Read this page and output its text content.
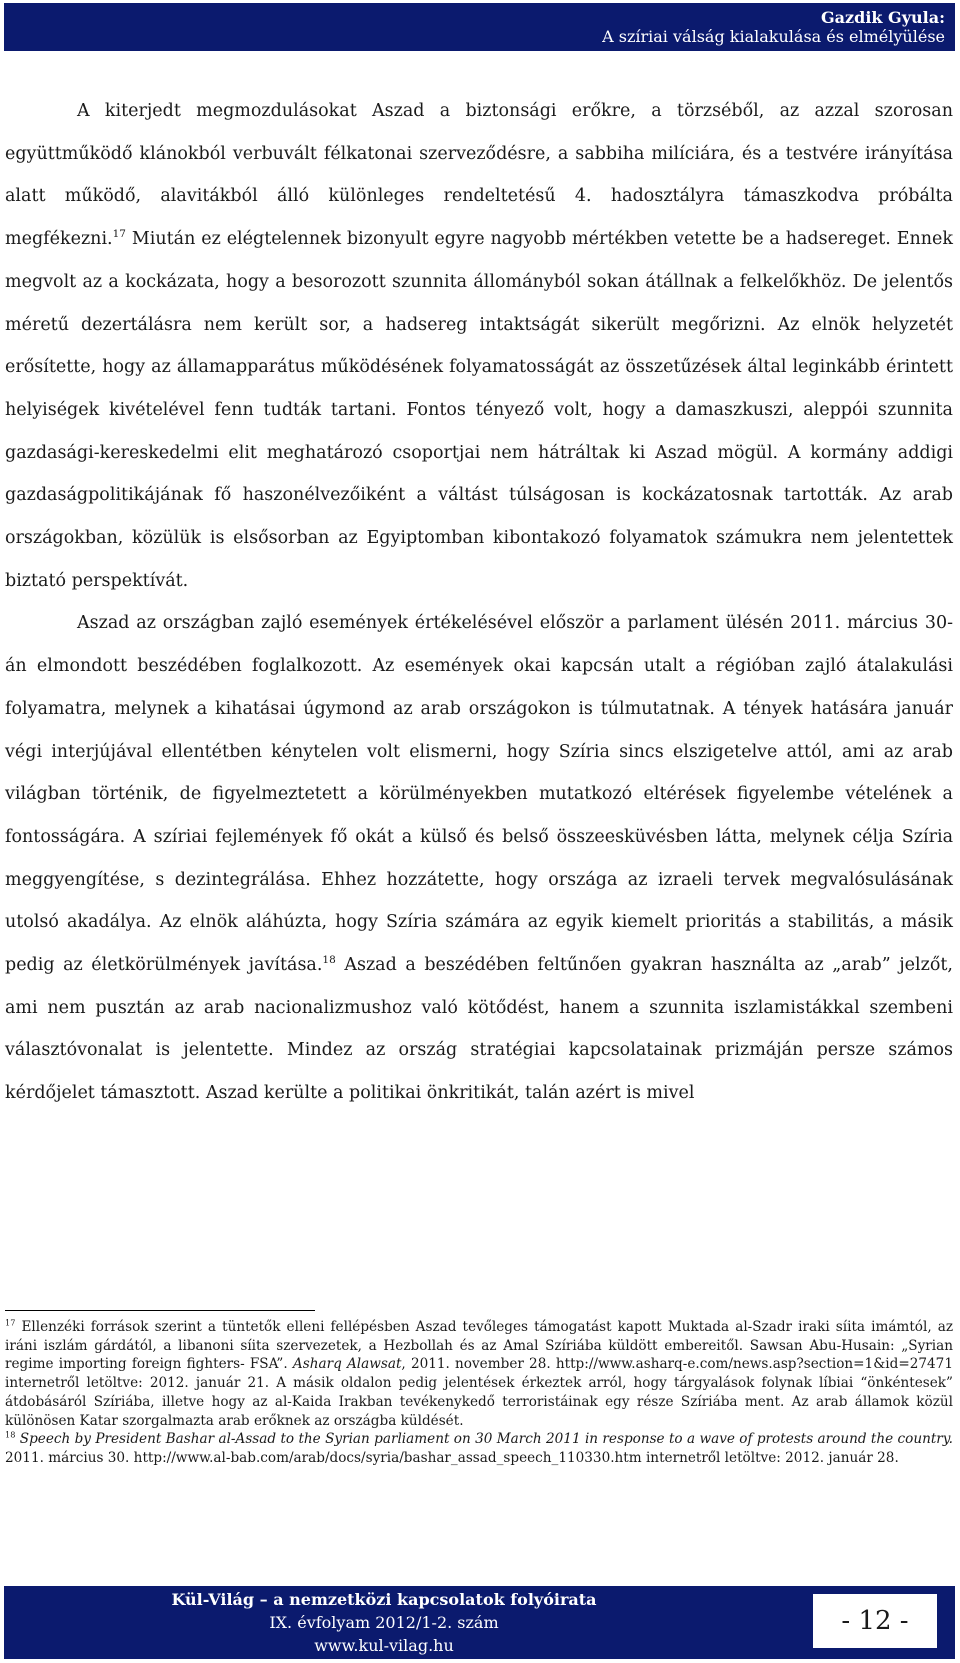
Gazdik Gyula:
A szíriai válság kialakulása és elmélyülése

A kiterjedt megmozdulásokat Aszad a biztonsági erőkre, a törzséből, az azzal szorosan együttműködő klánokból verbuvált félkatonai szerveződésre, a sabbiha milíciára, és a testvére irányítása alatt működő, alavitákból álló különleges rendeltetésű 4. hadosztályra támaszkodva próbálta megfékezni.$^{17}$ Miután ez elégtelennek bizonyult egyre nagyobb mértékben vetette be a hadsereget. Ennek megvolt az a kockázata, hogy a besorozott szunnita állományból sokan átállnak a felkelőkhöz. De jelentős méretű dezertálásra nem került sor, a hadsereg intaktságát sikerült megőrizni. Az elnök helyzetét erősítette, hogy az államapparátus működésének folyamatosságát az összetűzések által leginkább érintett helyiségek kivételével fenn tudták tartani. Fontos tényező volt, hogy a damaszkuszi, aleppói szunnita gazdasági-kereskedelmi elit meghatározó csoportjai nem hátráltak ki Aszad mögül. A kormány addigi gazdaságpolitikájának fő haszonélvezőiként a váltást túlságosan is kockázatosnak tartották. Az arab országokban, közülük is elsősorban az Egyiptomban kibontakozó folyamatok számukra nem jelentettek biztató perspektívát.

Aszad az országban zajló események értékelésével először a parlament ülésén 2011. március 30-án elmondott beszédében foglalkozott. Az események okai kapcsán utalt a régióban zajló átalakulási folyamatra, melynek a kihatásai úgymond az arab országokon is túlmutatnak. A tények hatására január végi interjújával ellentétben kénytelen volt elismerni, hogy Szíria sincs elszigetelve attól, ami az arab világban történik, de figyelmeztetett a körülményekben mutatkozó eltérések figyelembe vételének a fontosságára. A szíriai fejlemények fő okát a külső és belső összeesküvésben látta, melynek célja Szíria meggyengítése, s dezintegrálása. Ehhez hozzátette, hogy országa az izraeli tervek megvalósulásának utolsó akadálya. Az elnök aláhúzta, hogy Szíria számára az egyik kiemelt prioritás a stabilitás, a másik pedig az életkörülmények javítása.$^{18}$ Aszad a beszédében feltűnően gyakran használta az „arab” jelzőt, ami nem pusztán az arab nacionalizmushoz való kötődést, hanem a szunnita iszlamistákkal szembeni választóvonalat is jelentette. Mindez az ország stratégiai kapcsolatainak prizmáján persze számos kérdőjelet támasztott. Aszad kerülte a politikai önkritikát, talán azért is mivel

$^{17}$ Ellenzéki források szerint a tüntetők elleni fellépésben Aszad tevőleges támogatást kapott Muktada al-Szadr iraki síita imámtól, az iráni iszlám gárdától, a libanoni síita szervezetek, a Hezbollah és az Amal Szíriába küldött embereitől. Sawsan Abu-Husain: „Syrian regime importing foreign fighters- FSA”. Asharq Alawsat, 2011. november 28. http://www.asharq-e.com/news.asp?section=1&id=27471 internetről letöltve: 2012. január 21. A másik oldalon pedig jelentések érkeztek arról, hogy tárgyalások folynak líbiai “önkéntesek” átdobásáról Szíriába, illetve hogy az al-Kaida Irakban tevékenykedő terroristáinak egy része Szíriába ment. Az arab államok közül különösen Katar szorgalmazta arab erőknek az országba küldését.

$^{18}$ Speech by President Bashar al-Assad to the Syrian parliament on 30 March 2011 in response to a wave of protests around the country. 2011. március 30. http://www.al-bab.com/arab/docs/syria/bashar_assad_speech_110330.htm internetről letöltve: 2012. január 28.

Kül-Világ – a nemzetközi kapcsolatok folyóirata
IX. évfolyam 2012/1-2. szám
www.kul-vilag.hu
- 12 -
